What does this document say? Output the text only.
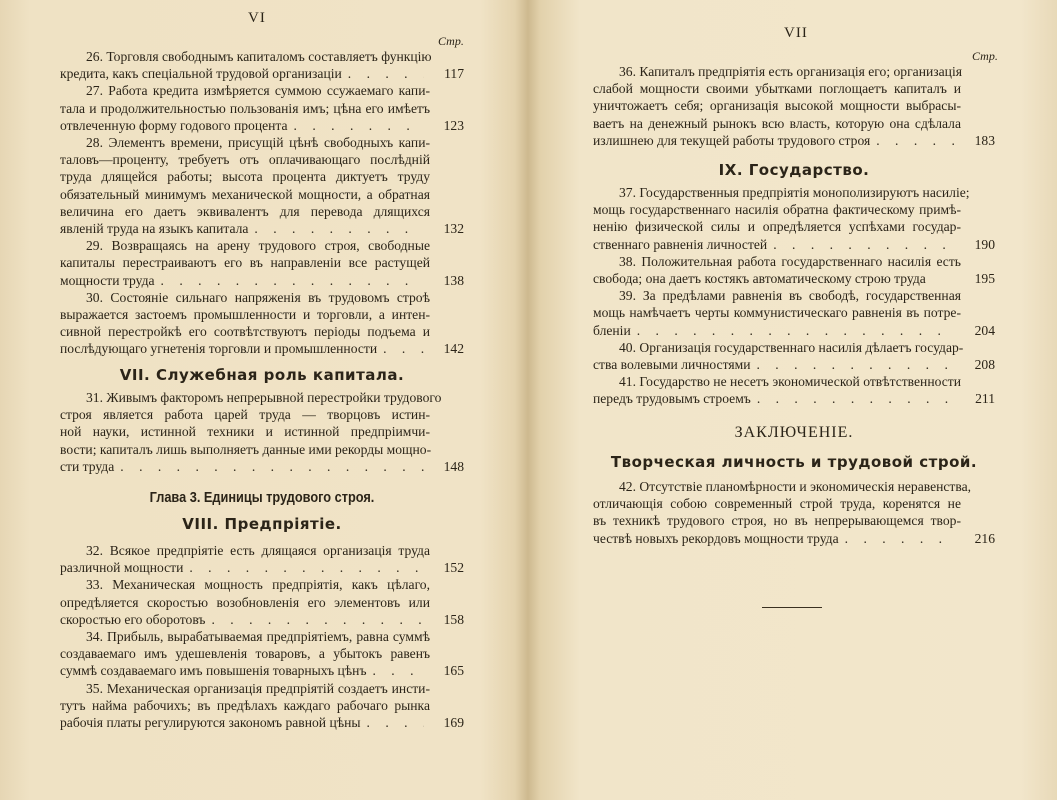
VI
Стр.
26. Торговля свободнымъ капиталомъ составляетъ функцію
кредита, какъ спеціальной трудовой организаціи . . .	117
27. Работа кредита измѣряется суммою ссужаемаго капи-
тала и продолжительностью пользованія имъ; цѣна его имѣетъ
отвлеченную форму годового процента . . .	123
28. Элементъ времени, присущій цѣнѣ свободныхъ капи-
таловъ—проценту, требуетъ отъ оплачивающаго послѣдній
труда длящейся работы; высота процента диктуетъ труду
обязательный минимумъ механической мощности, а обратная
величина его даетъ эквивалентъ для перевода длящихся
явленій труда на языкъ капитала . . .	132
29. Возвращаясь на арену трудового строя, свободные
капиталы перестраиваютъ его въ направленіи все растущей
мощности труда . . .	138
30. Состояніе сильнаго напряженія въ трудовомъ строѣ
выражается застоемъ промышленности и торговли, а интен-
сивной перестройкѣ его соотвѣтствуютъ періоды подъема и
послѣдующаго угнетенія торговли и промышленности . . .	142
VII. Служебная роль капитала.
31. Живымъ факторомъ непрерывной перестройки трудового
строя является работа царей труда — творцовъ истин-
ной науки, истинной техники и истинной предпріимчи-
вости; капиталъ лишь выполняетъ данные ими рекорды мощно-
сти труда . . .	148
Глава 3. Единицы трудового строя.
VIII. Предпріятіе.
32. Всякое предпріятіе есть длящаяся организація труда
различной мощности . . .	152
33. Механическая мощность предпріятія, какъ цѣлаго,
опредѣляется скоростью возобновленія его элементовъ или
скоростью его оборотовъ . . .	158
34. Прибыль, вырабатываемая предпріятіемъ, равна суммѣ
создаваемаго имъ удешевленія товаровъ, а убытокъ равенъ
суммѣ создаваемаго имъ повышенія товарныхъ цѣнъ . . .	165
35. Механическая организація предпріятій создаетъ инсти-
тутъ найма рабочихъ; въ предѣлахъ каждаго рабочаго рынка
рабочія платы регулируются закономъ равной цѣны . . .	169
VII
Стр.
36. Капиталъ предпріятія есть организація его; организація
слабой мощности своими убытками поглощаетъ капиталъ и
уничтожаетъ себя; организація высокой мощности выбрасы-
ваетъ на денежный рынокъ всю власть, которую она сдѣлала
излишнею для текущей работы трудового строя . . .	183
IX. Государство.
37. Государственныя предпріятія монополизируютъ насиліе;
мощь государственнаго насилія обратна фактическому примѣ-
ненію физической силы и опредѣляется успѣхами государ-
ственнаго равненія личностей . . .	190
38. Положительная работа государственнаго насилія есть
свобода; она даетъ костякъ автоматическому строю труда	195
39. За предѣлами равненія въ свободѣ, государственная
мощь намѣчаетъ черты коммунистическаго равненія въ потре-
бленіи . . .	204
40. Организація государственнаго насилія дѣлаетъ государ-
ства волевыми личностями . . .	208
41. Государство не несетъ экономической отвѣтственности
передъ трудовымъ строемъ . . .	211
ЗАКЛЮЧЕНІЕ.
Творческая личность и трудовой строй.
42. Отсутствіе планомѣрности и экономическія неравенства,
отличающія собою современный строй труда, коренятся не
въ техникѣ трудового строя, но въ непрерывающемся твор-
чествѣ новыхъ рекордовъ мощности труда . . .	216
